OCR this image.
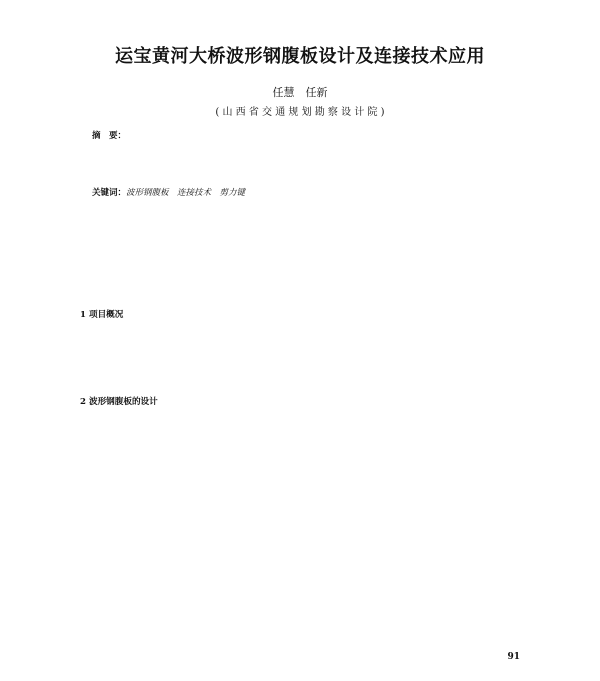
运宝黄河大桥波形钢腹板设计及连接技术应用
任慧　任新
( 山 西 省 交 通 规 划 勘 察 设 计 院 )
摘　要：
关键词：波形钢腹板　连接技术　剪力键
1 项目概况
2 波形钢腹板的设计
91
